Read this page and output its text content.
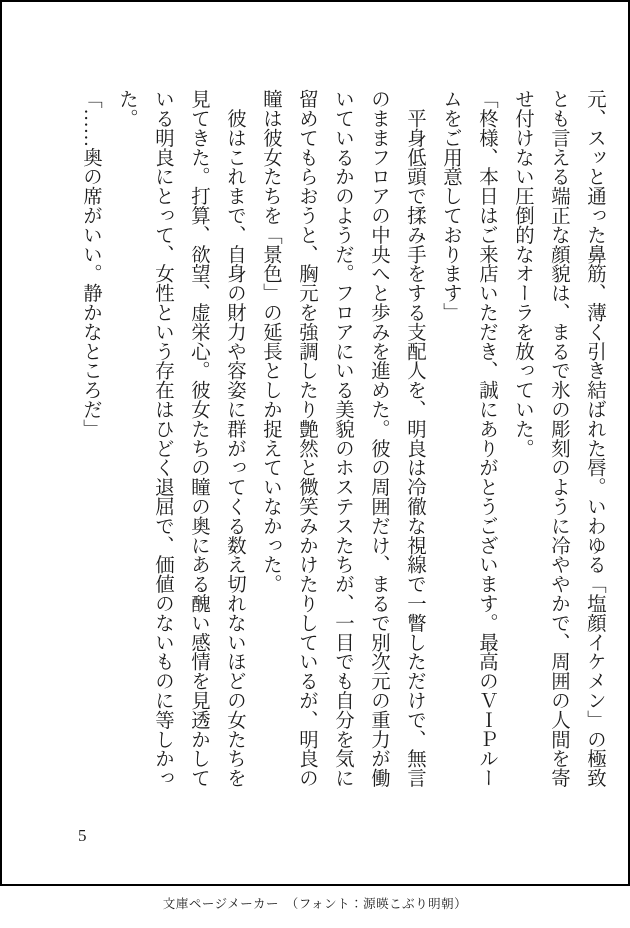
元、スッと通った鼻筋、薄く引き結ばれた唇。いわゆる「塩顔イケメン」の極致とも言える端正な顔貌は、まるで氷の彫刻のように冷ややかで、周囲の人間を寄せ付けない圧倒的なオーラを放っていた。

「柊様、本日はご来店いただき、誠にありがとうございます。最高のＶＩＰルームをご用意しております」

　平身低頭で揉み手をする支配人を、明良は冷徹な視線で一瞥しただけで、無言のままフロアの中央へと歩みを進めた。彼の周囲だけ、まるで別次元の重力が働いているかのようだ。フロアにいる美貌のホステスたちが、一目でも自分を気に留めてもらおうと、胸元を強調したり艶然と微笑みかけたりしているが、明良の瞳は彼女たちを「景色」の延長としか捉えていなかった。

　彼はこれまで、自身の財力や容姿に群がってくる数え切れないほどの女たちを見てきた。打算、欲望、虚栄心。彼女たちの瞳の奥にある醜い感情を見透かしている明良にとって、女性という存在はひどく退屈で、価値のないものに等しかった。

「……奥の席がいい。静かなところだ」

5
文庫ページメーカー　（フォント：源暎こぶり明朝）
